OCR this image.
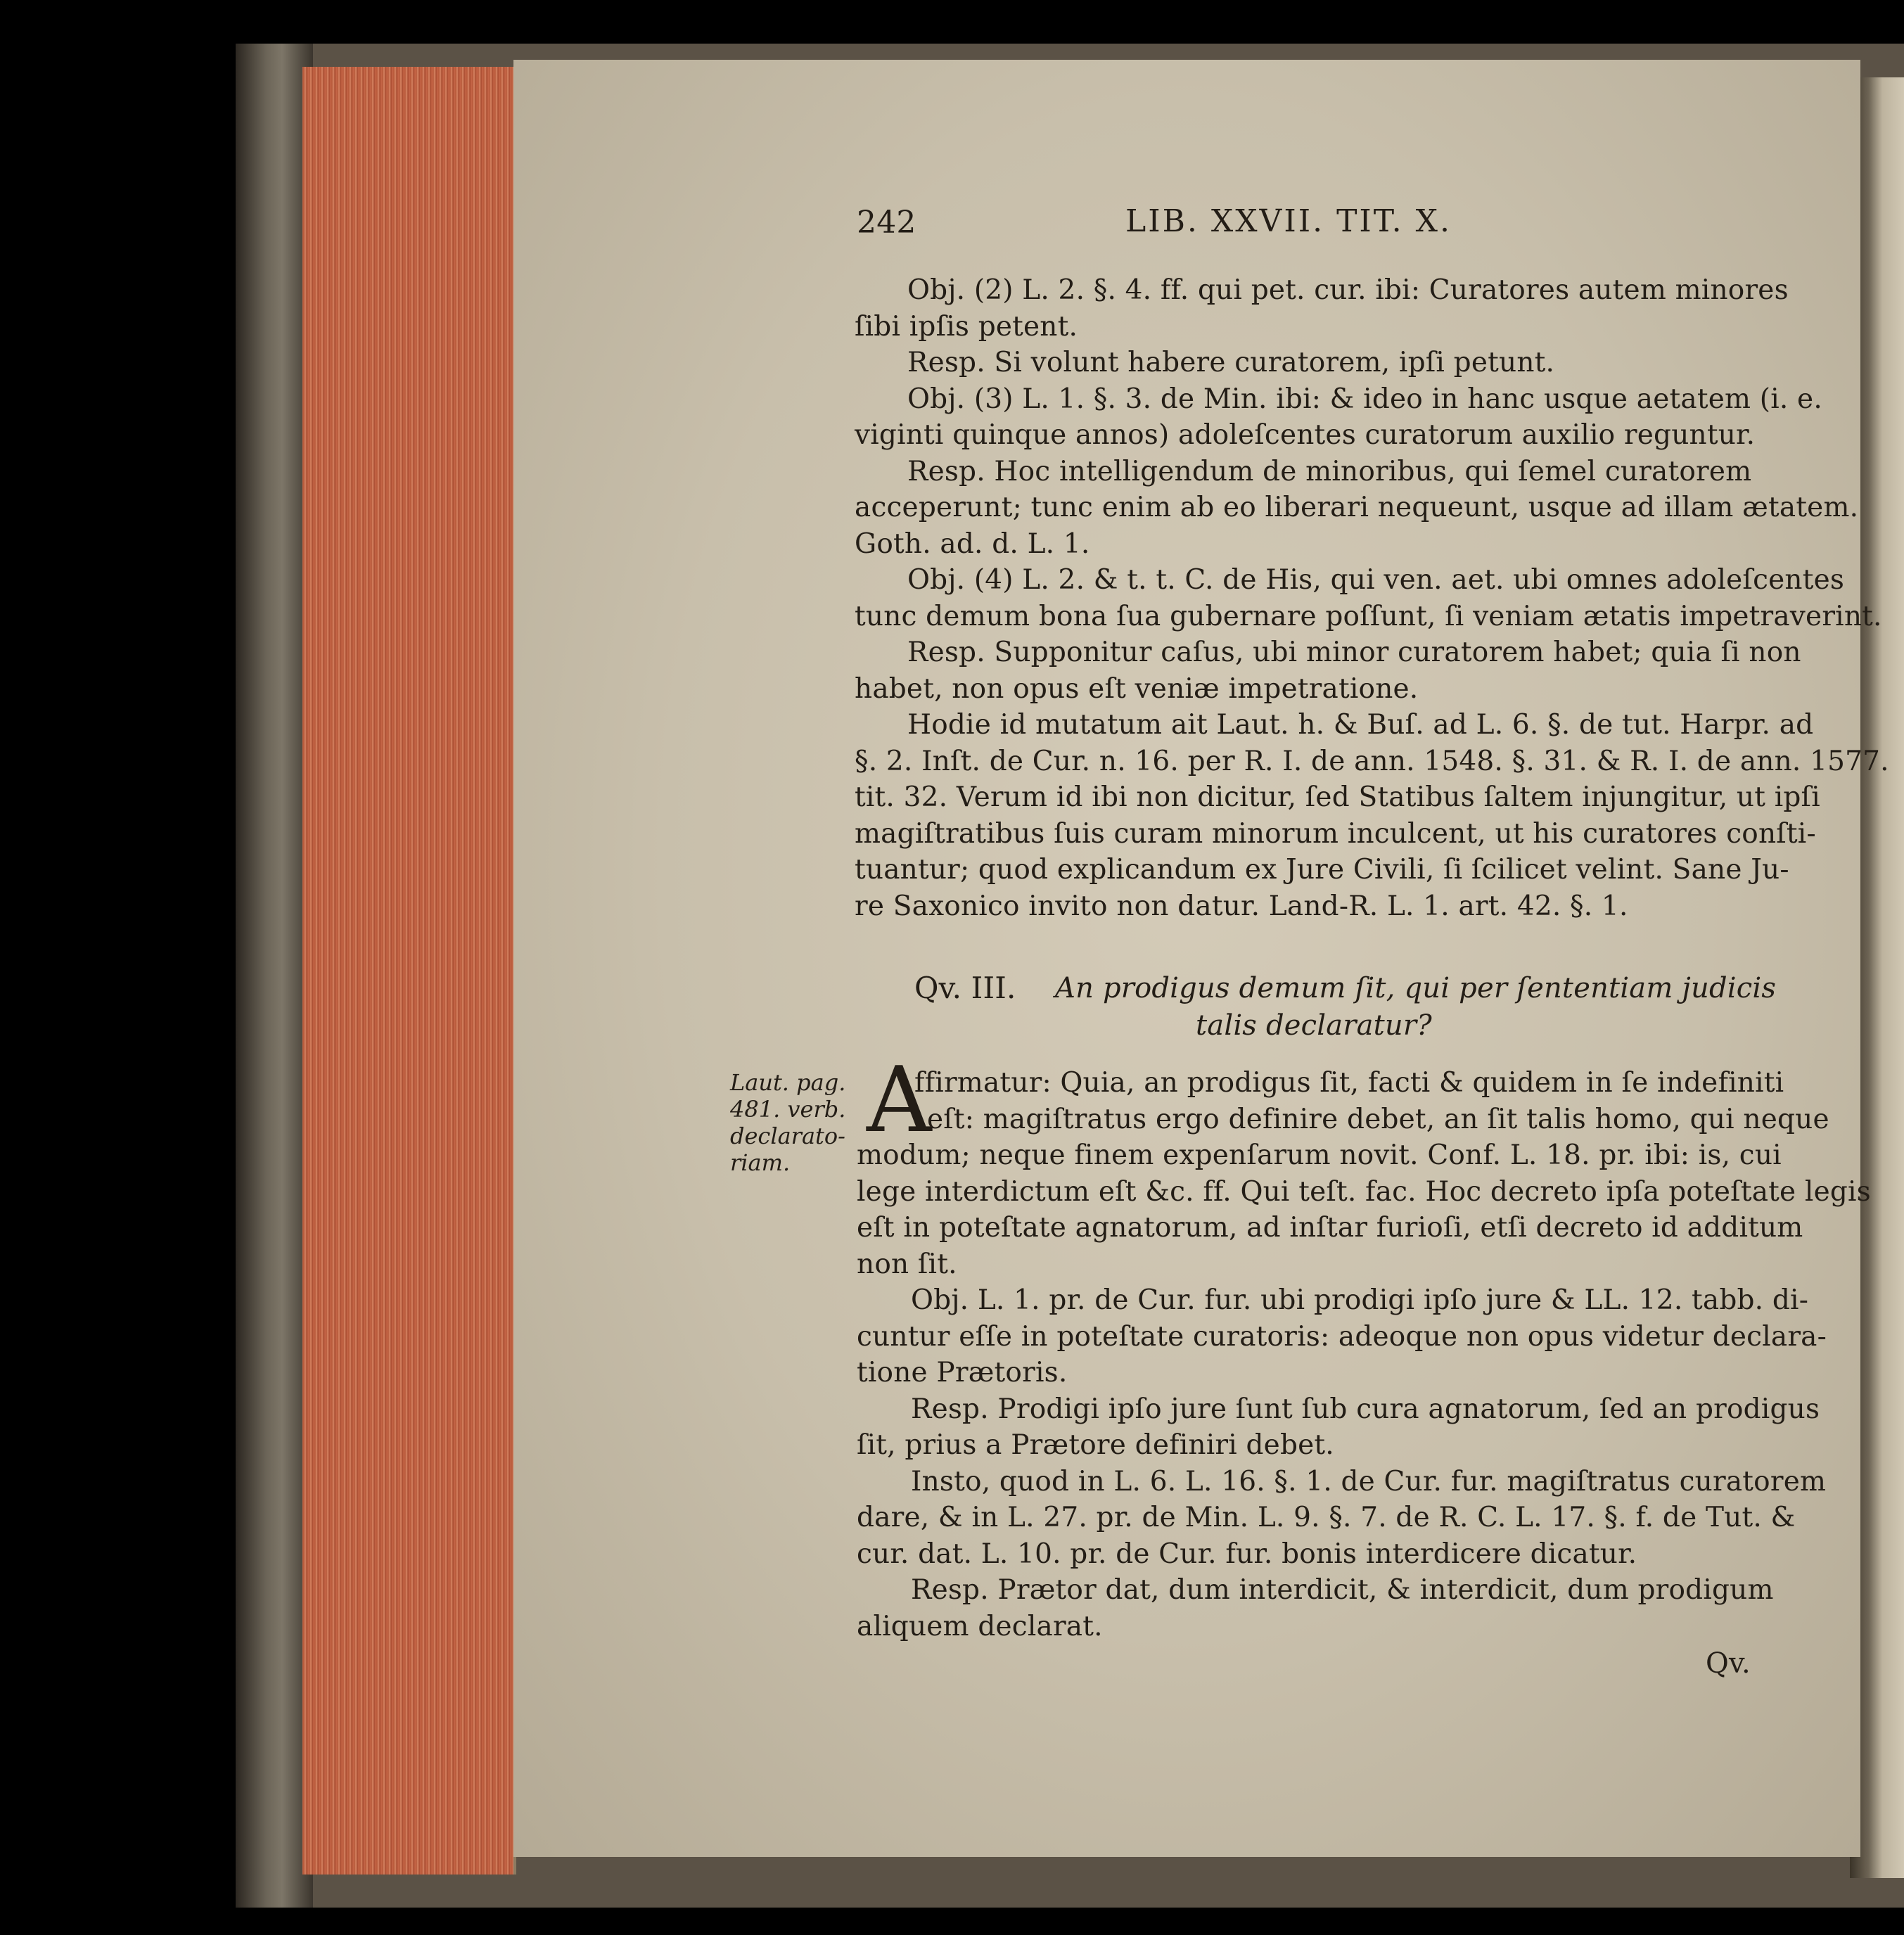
242	LIB. XXVII. TIT. X.
Obj. (2) L. 2. §. 4. ff. qui pet. cur. ibi: Curatores autem minores
ſibi ipſis petent.
Resp. Si volunt habere curatorem, ipſi petunt.
Obj. (3) L. 1. §. 3. de Min. ibi: & ideo in hanc usque aetatem (i. e.
viginti quinque annos) adoleſcentes curatorum auxilio reguntur.
Resp. Hoc intelligendum de minoribus, qui ſemel curatorem
acceperunt; tunc enim ab eo liberari nequeunt, usque ad illam ætatem.
Goth. ad. d. L. 1.
Obj. (4) L. 2. & t. t. C. de His, qui ven. aet. ubi omnes adoleſcentes
tunc demum bona ſua gubernare poſſunt, ſi veniam ætatis impetraverint.
Resp. Supponitur caſus, ubi minor curatorem habet; quia ſi non
habet, non opus eſt veniæ impetratione.
Hodie id mutatum ait Laut. h. & Buſ. ad L. 6. §. de tut. Harpr. ad
§. 2. Inſt. de Cur. n. 16. per R. I. de ann. 1548. §. 31. & R. I. de ann. 1577.
tit. 32. Verum id ibi non dicitur, ſed Statibus ſaltem injungitur, ut ipſi
magiſtratibus ſuis curam minorum inculcent, ut his curatores conſti-
tuantur; quod explicandum ex Jure Civili, ſi ſcilicet velint. Sane Ju-
re Saxonico invito non datur. Land-R. L. 1. art. 42. §. 1.
Qv. III. An prodigus demum ſit, qui per ſententiam judicis
talis declaratur?
Laut. pag.
481. verb.
declarato-
riam.
A
ffirmatur: Quia, an prodigus ſit, facti & quidem in ſe indefiniti
eſt: magiſtratus ergo definire debet, an ſit talis homo, qui neque
modum; neque finem expenſarum novit. Conf. L. 18. pr. ibi: is, cui
lege interdictum eſt &c. ff. Qui teſt. fac. Hoc decreto ipſa poteſtate legis
eſt in poteſtate agnatorum, ad inſtar furioſi, etſi decreto id additum
non ſit.
Obj. L. 1. pr. de Cur. fur. ubi prodigi ipſo jure & LL. 12. tabb. di-
cuntur eſſe in poteſtate curatoris: adeoque non opus videtur declara-
tione Prætoris.
Resp. Prodigi ipſo jure ſunt ſub cura agnatorum, ſed an prodigus
ſit, prius a Prætore definiri debet.
Insto, quod in L. 6. L. 16. §. 1. de Cur. fur. magiſtratus curatorem
dare, & in L. 27. pr. de Min. L. 9. §. 7. de R. C. L. 17. §. f. de Tut. &
cur. dat. L. 10. pr. de Cur. fur. bonis interdicere dicatur.
Resp. Prætor dat, dum interdicit, & interdicit, dum prodigum
aliquem declarat.
Qv.
